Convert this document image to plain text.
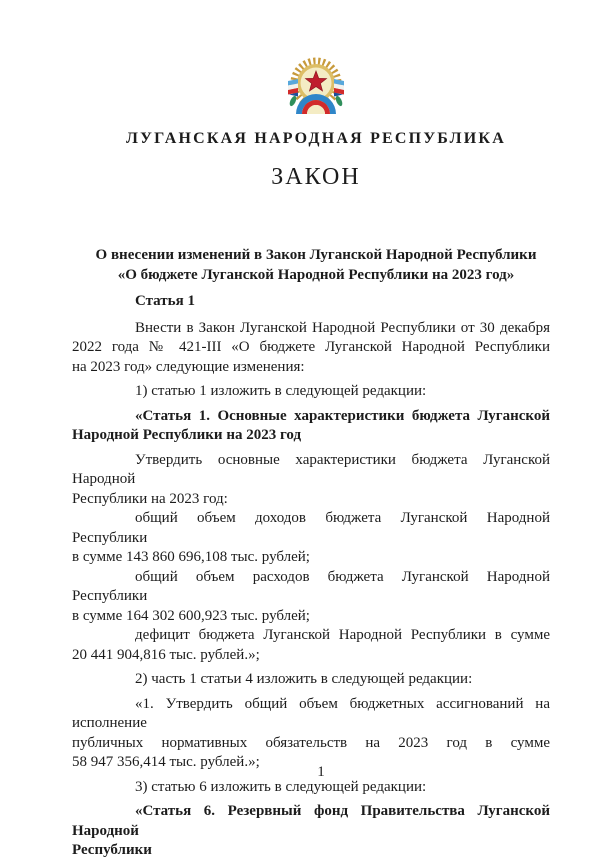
ЛУГАНСКАЯ НАРОДНАЯ РЕСПУБЛИКА
ЗАКОН
О внесении изменений в Закон Луганской Народной Республики
«О бюджете Луганской Народной Республики на 2023 год»
Статья 1
Внести в Закон Луганской Народной Республики от 30 декабря
2022 года № 421-III «О бюджете Луганской Народной Республики
на 2023 год» следующие изменения:
1) статью 1 изложить в следующей редакции:
«Статья 1. Основные характеристики бюджета Луганской
Народной Республики на 2023 год
Утвердить основные характеристики бюджета Луганской Народной
Республики на 2023 год:
общий объем доходов бюджета Луганской Народной Республики
в сумме 143 860 696,108 тыс. рублей;
общий объем расходов бюджета Луганской Народной Республики
в сумме 164 302 600,923 тыс. рублей;
дефицит бюджета Луганской Народной Республики в сумме
20 441 904,816 тыс. рублей.»;
2) часть 1 статьи 4 изложить в следующей редакции:
«1. Утвердить общий объем бюджетных ассигнований на исполнение
публичных нормативных обязательств на 2023 год в сумме
58 947 356,414 тыс. рублей.»;
3) статью 6 изложить в следующей редакции:
«Статья 6. Резервный фонд Правительства Луганской Народной
Республики
1
